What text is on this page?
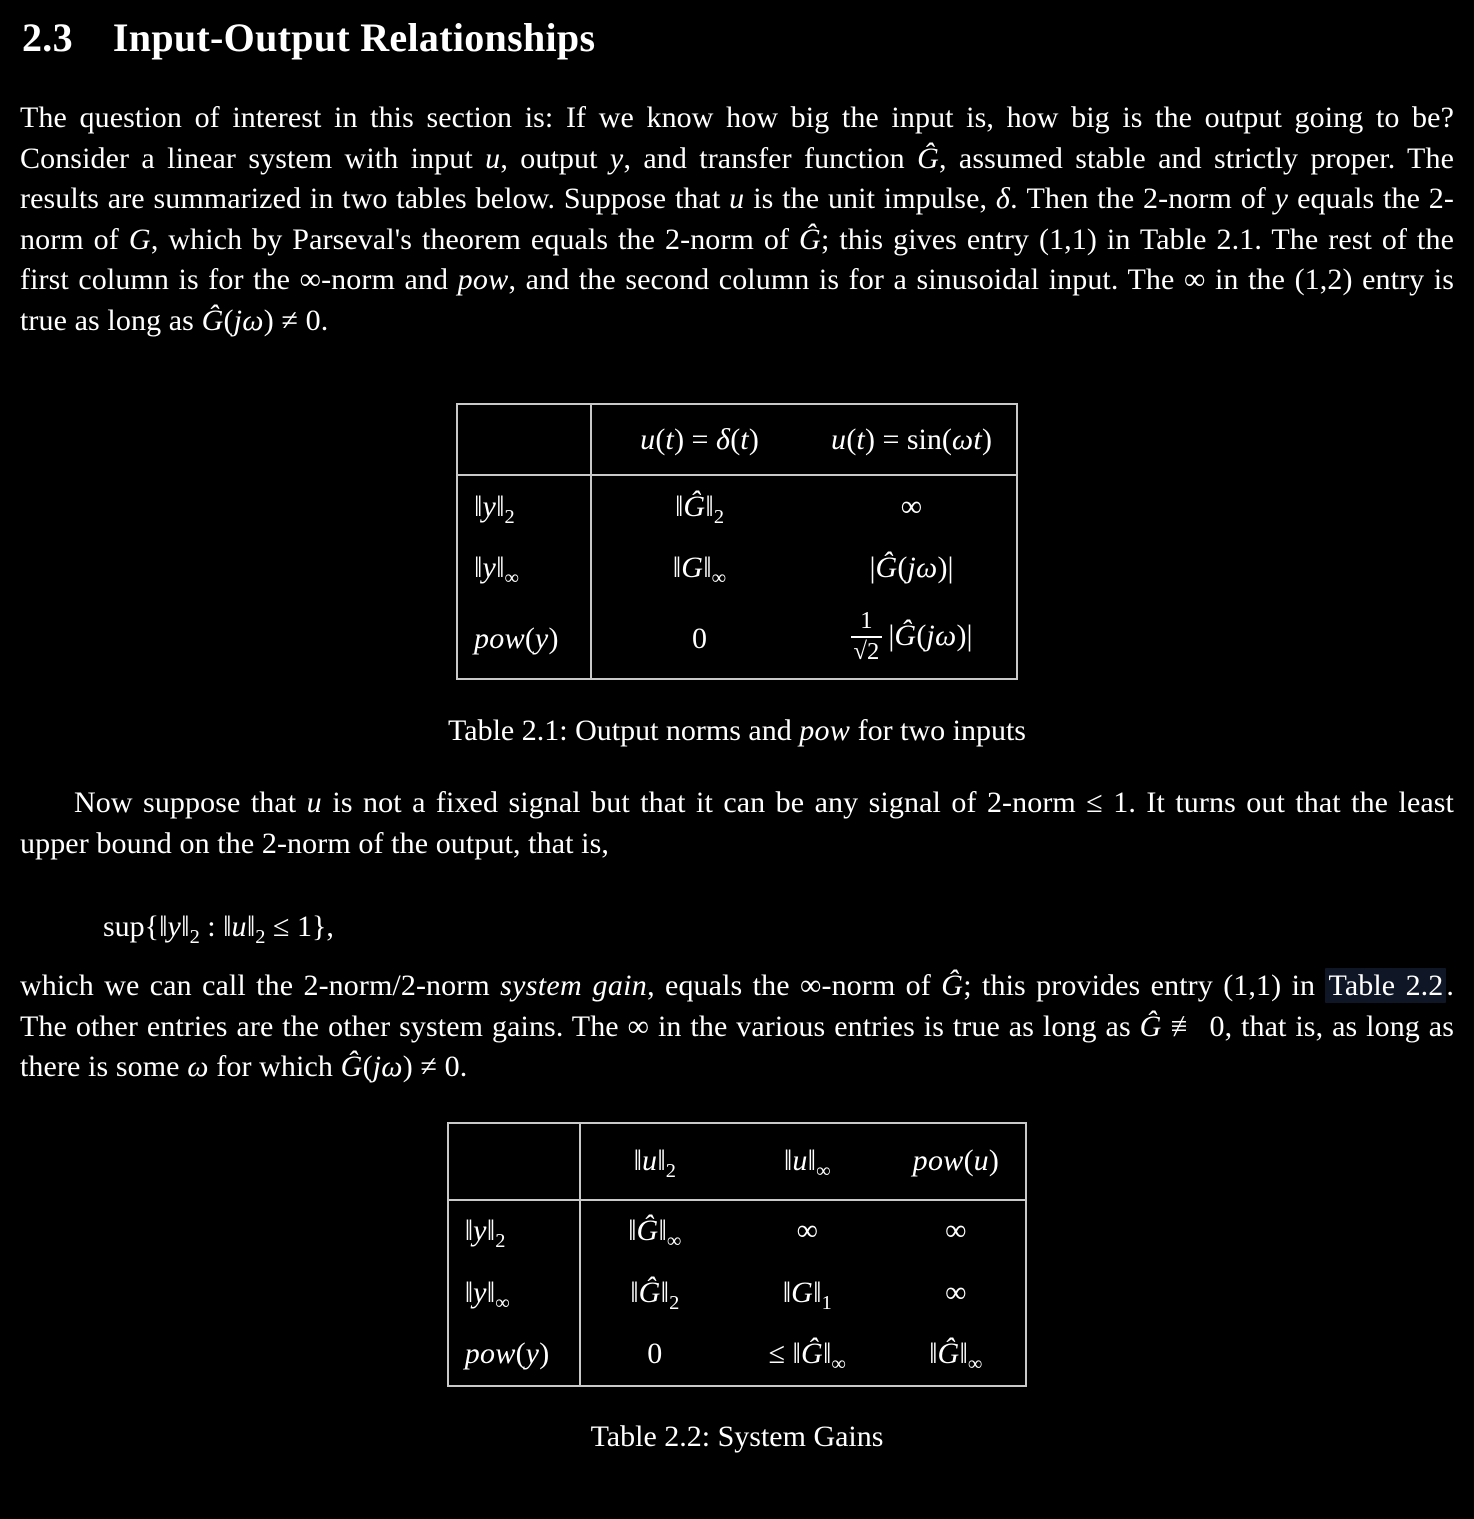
2.3 Input-Output Relationships

The question of interest in this section is: If we know how big the input is, how big is the output going to be? Consider a linear system with input u, output y, and transfer function Ĝ, assumed stable and strictly proper. The results are summarized in two tables below. Suppose that u is the unit impulse, δ. Then the 2-norm of y equals the 2-norm of G, which by Parseval's theorem equals the 2-norm of Ĝ; this gives entry (1,1) in Table 2.1. The rest of the first column is for the ∞-norm and pow, and the second column is for a sinusoidal input. The ∞ in the (1,2) entry is true as long as Ĝ(jω) ≠ 0.

	u(t) = δ(t)	u(t) = sin(ωt)
$‖y‖_2$	$‖Ĝ‖_2$	∞
$‖y‖_\infty$	$‖G‖_\infty$	|Ĝ(jω)|
pow(y)	0	$\frac{1}{√2}$ |Ĝ(jω)|
Table 2.1: Output norms and pow for two inputs

Now suppose that u is not a fixed signal but that it can be any signal of 2-norm ≤ 1. It turns out that the least upper bound on the 2-norm of the output, that is,

$sup\{‖y‖_2$ : $‖u‖_2 \le 1$},

which we can call the 2-norm/2-norm system gain, equals the ∞-norm of Ĝ; this provides entry (1,1) in Table 2.2 . The other entries are the other system gains. The ∞ in the various entries is true as long as Ĝ ≢ 0, that is, as long as there is some ω for which Ĝ(jω) ≠ 0.

	$‖u‖_2$	$‖u‖_\infty$	pow(u)
$‖y‖_2$	$‖Ĝ‖_\infty$	∞	∞
$‖y‖_\infty$	$‖Ĝ‖_2$	$‖G‖_1$	∞
pow(y)	0	≤ $‖Ĝ‖_\infty$	$‖Ĝ‖_\infty$
Table 2.2: System Gains
